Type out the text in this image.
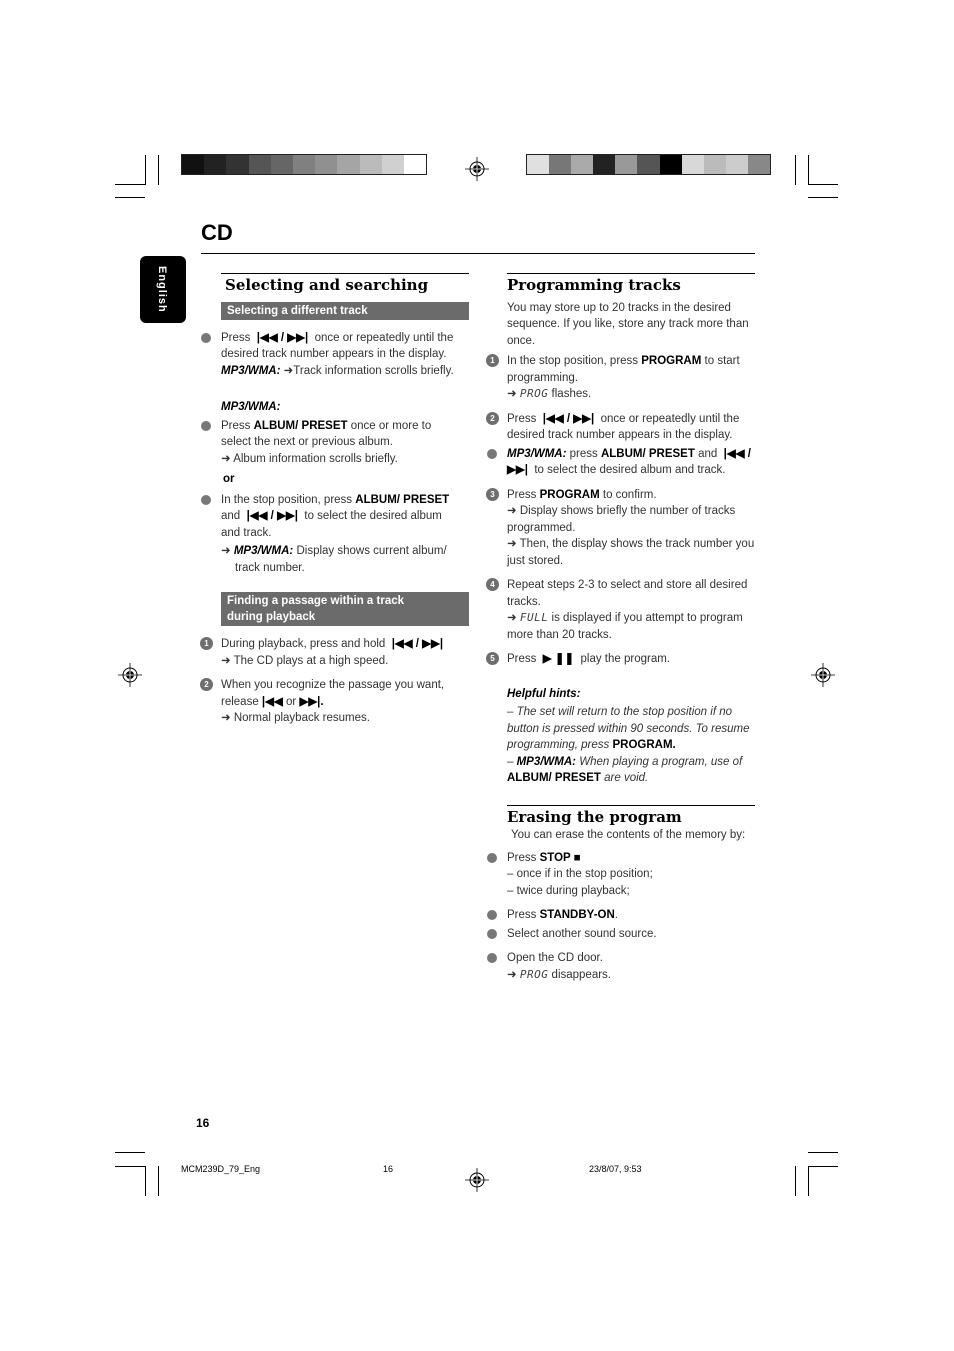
CD
English	Selecting and searching
Selecting a different track
Press  |◀◀ / ▶▶|  once or repeatedly until the
desired track number appears in the display.
MP3/WMA: ➜Track information scrolls briefly.
MP3/WMA:
Press ALBUM/ PRESET once or more to
select the next or previous album.
➜ Album information scrolls briefly.
or
In the stop position, press ALBUM/ PRESET
and  |◀◀ / ▶▶|  to select the desired album
and track.
➜ MP3/WMA: Display shows current album/
track number.
Finding a passage within a track
during playback
1	During playback, press and hold  |◀◀ / ▶▶|
➜ The CD plays at a high speed.
2	When you recognize the passage you want,
release |◀◀ or ▶▶|.
➜ Normal playback resumes.
Programming tracks
You may store up to 20 tracks in the desired sequence. If you like, store any track more than once.
1	In the stop position, press PROGRAM to start programming.
➜ PROG flashes.
2	Press  |◀◀ / ▶▶|  once or repeatedly until the desired track number appears in the display.
MP3/WMA: press ALBUM/ PRESET and  |◀◀ / ▶▶|  to select the desired album and track.
3	Press PROGRAM to confirm.
➜ Display shows briefly the number of tracks programmed.
➜ Then, the display shows the track number you just stored.
4	Repeat steps 2-3 to select and store all desired tracks.
➜ FULL is displayed if you attempt to program more than 20 tracks.
5	Press  ▶ ❚❚  play the program.
Helpful hints:
– The set will return to the stop position if no button is pressed within 90 seconds. To resume programming, press PROGRAM.
– MP3/WMA: When playing a program, use of
ALBUM/ PRESET are void.
Erasing the program
You can erase the contents of the memory by:
Press STOP ■
– once if in the stop position;
– twice during playback;
Press STANDBY-ON.
Select another sound source.
Open the CD door.
➜ PROG disappears.
16
MCM239D_79_Eng	16	23/8/07, 9:53
